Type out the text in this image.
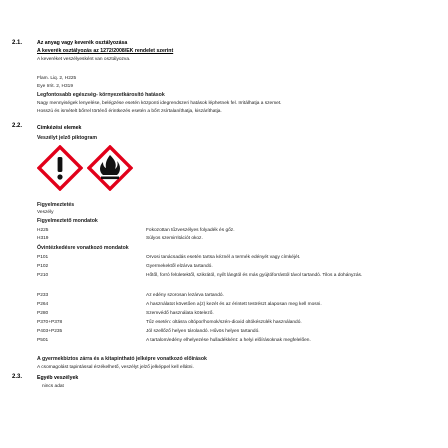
2.1.	Az anyag vagy keverék osztályozása
A keverék osztályozás az 1272/2008/EK rendelet szerint
A keveréket veszélyesként van osztályozva.
Flam. Liq. 2, H225
Eye Irrit. 2, H319
Legfontosabb egészség- környezetkárosító hatások
Nagy mennyiségek lenyelése, belégzése esetén központi idegrendszeri hatások léphetnek fel. Irritálhatja a szemet.
Hosszú és ismételt bőrrel történő érintkezés esetén a bőrt zsírtalaníthatja, kiszáríthatja.
2.2.	Címkézési elemek
Veszélyt jelző piktogram
Figyelmeztetés
Veszély
Figyelmeztető mondatok
H225	Fokozottan tűzveszélyes folyadék és gőz.
H319	Súlyos szemirritációt okoz.
Óvintézkedésre vonatkozó mondatok
P101	Orvosi tanácsadás esetén tartsa kéznél a termék edényét vagy címkéjét.
P102	Gyermekektől elzárva tartandó.
P210	Hőtől, forró felületektől, szikrától, nyílt lángtól és más gyújtóforrástól távol tartandó. Tilos a dohányzás.
P233	Az edény szorosan lezárva tartandó.
P264	A használatot követően a(z) kezét és az érintett testrészt alaposan meg kell mosni.
P280	Szemvédő használata kötelező.
P370+P378	Tűz esetén: oltásra oltópor/homok/szén-dioxid oltókészülék használandó.
P403+P235	Jól szellőző helyen tárolandó. Hűvös helyen tartandó.
P501	A tartalom/edény elhelyezése hulladékként: a helyi előírásoknak megfelelően.
A gyermekbiztos zárra és a kitapintható jelképre vonatkozó előírások
A csomagolást tapintással érzékelhető, veszélyt jelző jelképpel kell ellátni.
2.3.	Egyéb veszélyek
nincs adat
